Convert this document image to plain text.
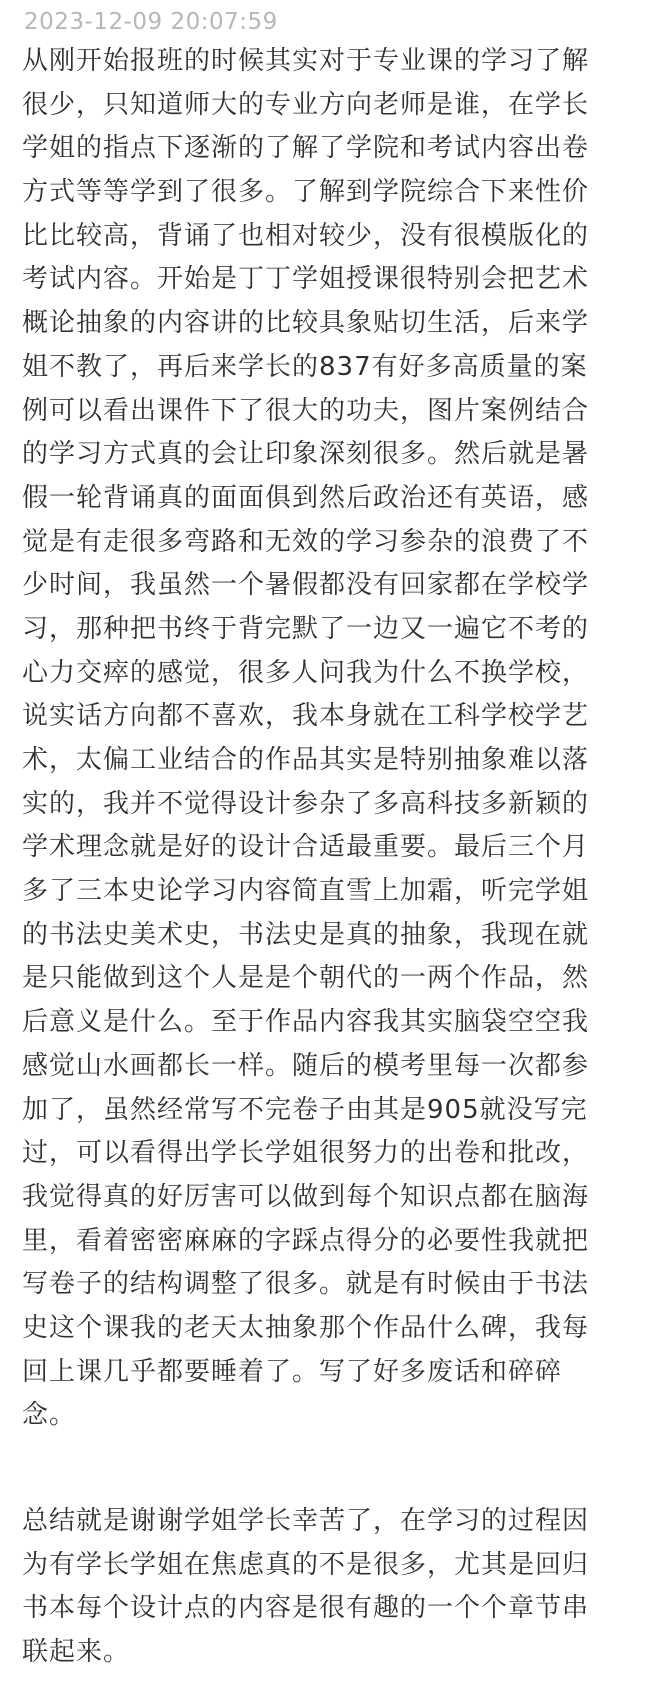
2023-12-09 20:07:59
从刚开始报班的时候其实对于专业课的学习了解
很少，只知道师大的专业方向老师是谁，在学长
学姐的指点下逐渐的了解了学院和考试内容出卷
方式等等学到了很多。了解到学院综合下来性价
比比较高，背诵了也相对较少，没有很模版化的
考试内容。开始是丁丁学姐授课很特别会把艺术
概论抽象的内容讲的比较具象贴切生活，后来学
姐不教了，再后来学长的837有好多高质量的案
例可以看出课件下了很大的功夫，图片案例结合
的学习方式真的会让印象深刻很多。然后就是暑
假一轮背诵真的面面俱到然后政治还有英语，感
觉是有走很多弯路和无效的学习参杂的浪费了不
少时间，我虽然一个暑假都没有回家都在学校学
习，那种把书终于背完默了一边又一遍它不考的
心力交瘁的感觉，很多人问我为什么不换学校，
说实话方向都不喜欢，我本身就在工科学校学艺
术，太偏工业结合的作品其实是特别抽象难以落
实的，我并不觉得设计参杂了多高科技多新颖的
学术理念就是好的设计合适最重要。最后三个月
多了三本史论学习内容简直雪上加霜，听完学姐
的书法史美术史，书法史是真的抽象，我现在就
是只能做到这个人是是个朝代的一两个作品，然
后意义是什么。至于作品内容我其实脑袋空空我
感觉山水画都长一样。随后的模考里每一次都参
加了，虽然经常写不完卷子由其是905就没写完
过，可以看得出学长学姐很努力的出卷和批改，
我觉得真的好厉害可以做到每个知识点都在脑海
里，看着密密麻麻的字踩点得分的必要性我就把
写卷子的结构调整了很多。就是有时候由于书法
史这个课我的老天太抽象那个作品什么碑，我每
回上课几乎都要睡着了。写了好多废话和碎碎
念。
总结就是谢谢学姐学长幸苦了，在学习的过程因
为有学长学姐在焦虑真的不是很多，尤其是回归
书本每个设计点的内容是很有趣的一个个章节串
联起来。
